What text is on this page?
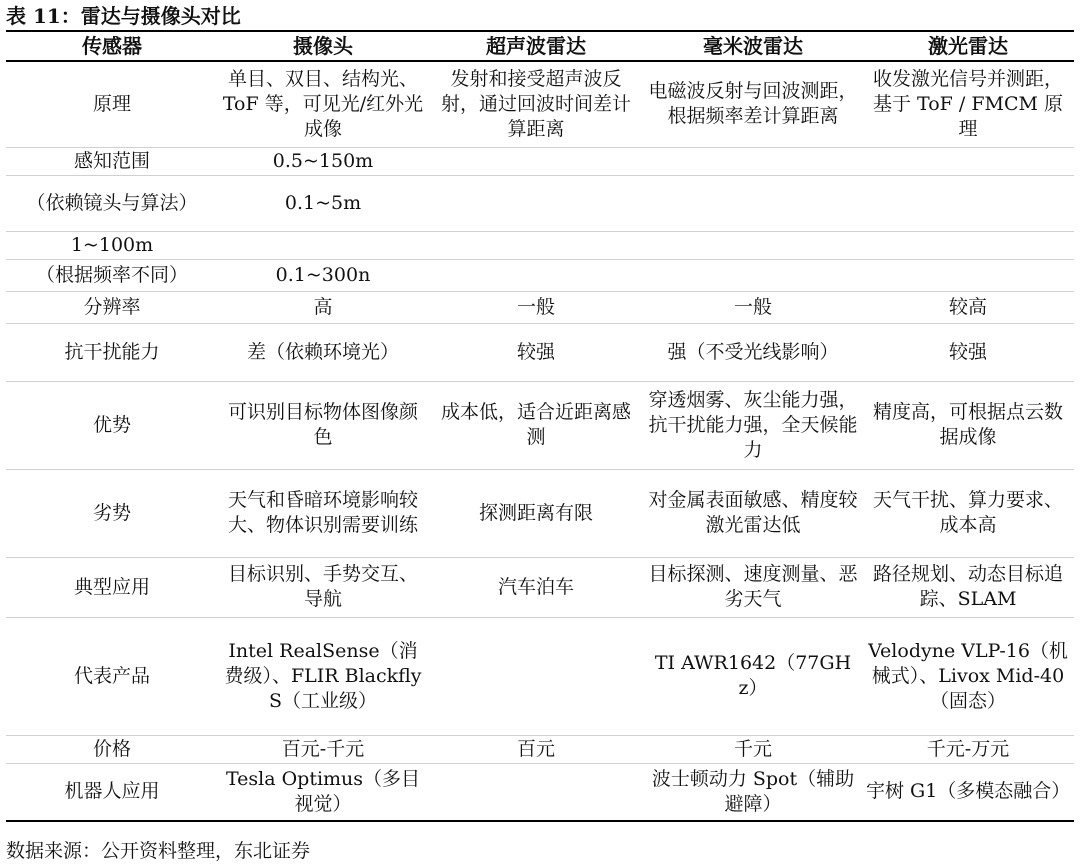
表 11：雷达与摄像头对比
传感器	摄像头	超声波雷达	毫米波雷达	激光雷达
原理	单目、双目、结构光、ToF 等，可见光/红外光成像	发射和接受超声波反射，通过回波时间差计算距离	电磁波反射与回波测距，根据频率差计算距离	收发激光信号并测距，基于 ToF / FMCM 原理
感知范围	0.5~150m			
（依赖镜头与算法）	0.1~5m			
1~100m				
（根据频率不同）	0.1~300n			
分辨率	高	一般	一般	较高
抗干扰能力	差（依赖环境光）	较强	强（不受光线影响）	较强
优势	可识别目标物体图像颜色	成本低，适合近距离感测	穿透烟雾、灰尘能力强，抗干扰能力强，全天候能力	精度高，可根据点云数据成像
劣势	天气和昏暗环境影响较大、物体识别需要训练	探测距离有限	对金属表面敏感、精度较激光雷达低	天气干扰、算力要求、成本高
典型应用	目标识别、手势交互、导航	汽车泊车	目标探测、速度测量、恶劣天气	路径规划、动态目标追踪、SLAM
代表产品	Intel RealSense（消费级）、FLIR Blackfly S（工业级）		TI AWR1642（77GHz）	Velodyne VLP-16（机械式）、Livox Mid-40（固态）
价格	百元-千元	百元	千元	千元-万元
机器人应用	Tesla Optimus（多目视觉）		波士顿动力 Spot（辅助避障）	宇树 G1（多模态融合）
数据来源：公开资料整理，东北证券
